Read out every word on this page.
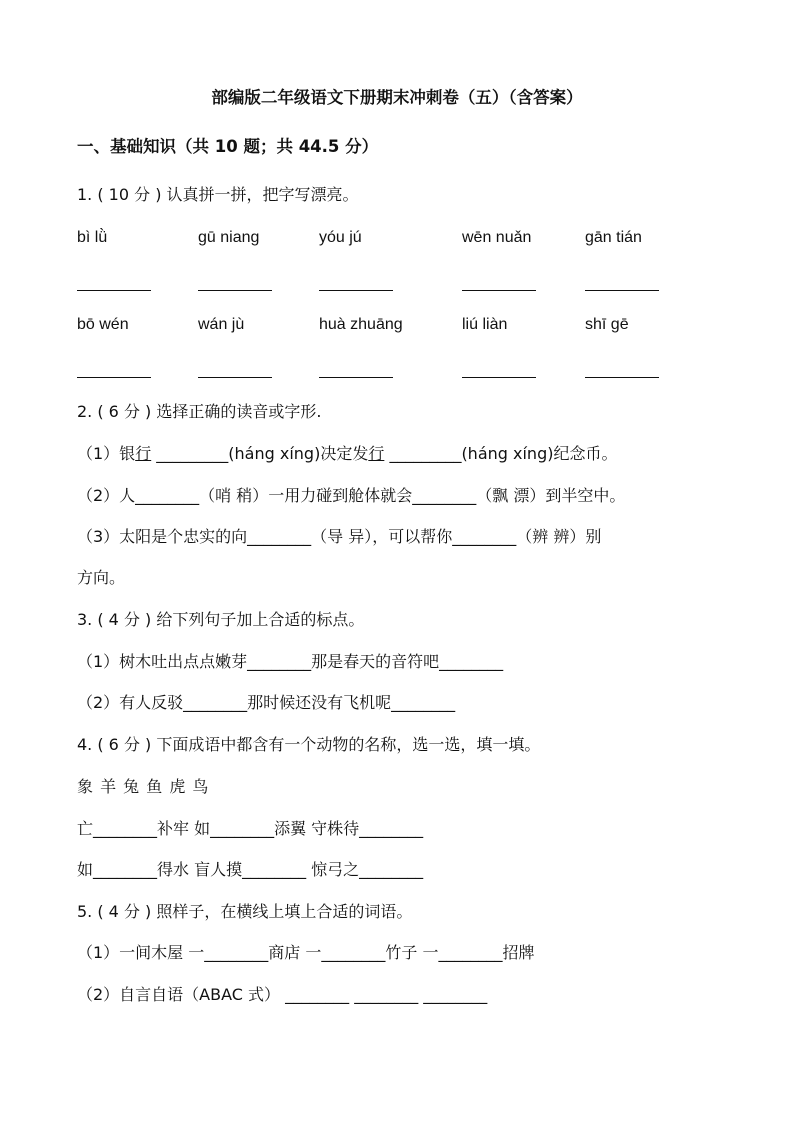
部编版二年级语文下册期末冲刺卷（五）（含答案）
一、基础知识（共 10 题；共 44.5 分）
1. ( 10 分 ) 认真拼一拼，把字写漂亮。
bì lǜ	gū niang	yóu jú	wēn nuǎn	gān tián
bō wén	wán jù	huà zhuāng	liú liàn	shī gē
2. ( 6 分 ) 选择正确的读音或字形.
（1）银行 _________(háng xíng)决定发行 _________(háng xíng)纪念币。
（2）人________（哨 稍）一用力碰到舱体就会________（飘 漂）到半空中。
（3）太阳是个忠实的向________（导 异），可以帮你________（辨 辨）别
方向。
3. ( 4 分 ) 给下列句子加上合适的标点。
（1）树木吐出点点嫩芽________那是春天的音符吧________
（2）有人反驳________那时候还没有飞机呢________
4. ( 6 分 ) 下面成语中都含有一个动物的名称，选一选，填一填。
象 羊 兔 鱼 虎 鸟
亡________补牢 如________添翼 守株待________
如________得水 盲人摸________ 惊弓之________
5. ( 4 分 ) 照样子，在横线上填上合适的词语。
（1）一间木屋 一________商店 一________竹子 一________招牌
（2）自言自语（ABAC 式） ________ ________ ________
